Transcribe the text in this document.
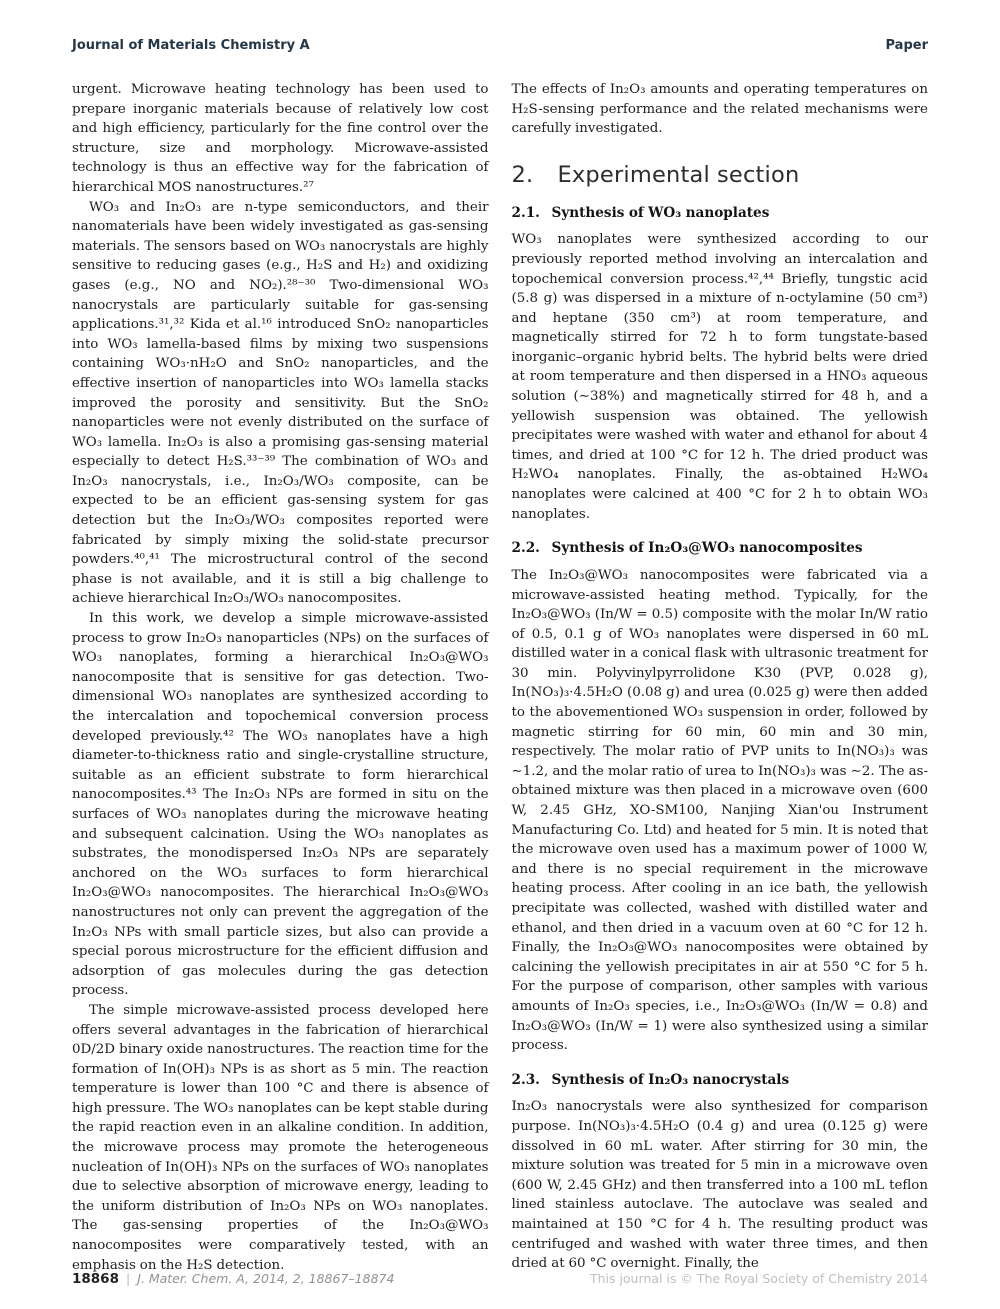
Journal of Materials Chemistry A	Paper

urgent. Microwave heating technology has been used to prepare inorganic materials because of relatively low cost and high efficiency, particularly for the fine control over the structure, size and morphology. Microwave-assisted technology is thus an effective way for the fabrication of hierarchical MOS nanostructures.²⁷

WO₃ and In₂O₃ are n-type semiconductors, and their nanomaterials have been widely investigated as gas-sensing materials. The sensors based on WO₃ nanocrystals are highly sensitive to reducing gases (e.g., H₂S and H₂) and oxidizing gases (e.g., NO and NO₂).²⁸⁻³⁰ Two-dimensional WO₃ nanocrystals are particularly suitable for gas-sensing applications.³¹,³² Kida et al.¹⁶ introduced SnO₂ nanoparticles into WO₃ lamella-based films by mixing two suspensions containing WO₃·nH₂O and SnO₂ nanoparticles, and the effective insertion of nanoparticles into WO₃ lamella stacks improved the porosity and sensitivity. But the SnO₂ nanoparticles were not evenly distributed on the surface of WO₃ lamella. In₂O₃ is also a promising gas-sensing material especially to detect H₂S.³³⁻³⁹ The combination of WO₃ and In₂O₃ nanocrystals, i.e., In₂O₃/WO₃ composite, can be expected to be an efficient gas-sensing system for gas detection but the In₂O₃/WO₃ composites reported were fabricated by simply mixing the solid-state precursor powders.⁴⁰,⁴¹ The microstructural control of the second phase is not available, and it is still a big challenge to achieve hierarchical In₂O₃/WO₃ nanocomposites.

In this work, we develop a simple microwave-assisted process to grow In₂O₃ nanoparticles (NPs) on the surfaces of WO₃ nanoplates, forming a hierarchical In₂O₃@WO₃ nanocomposite that is sensitive for gas detection. Two-dimensional WO₃ nanoplates are synthesized according to the intercalation and topochemical conversion process developed previously.⁴² The WO₃ nanoplates have a high diameter-to-thickness ratio and single-crystalline structure, suitable as an efficient substrate to form hierarchical nanocomposites.⁴³ The In₂O₃ NPs are formed in situ on the surfaces of WO₃ nanoplates during the microwave heating and subsequent calcination. Using the WO₃ nanoplates as substrates, the monodispersed In₂O₃ NPs are separately anchored on the WO₃ surfaces to form hierarchical In₂O₃@WO₃ nanocomposites. The hierarchical In₂O₃@WO₃ nanostructures not only can prevent the aggregation of the In₂O₃ NPs with small particle sizes, but also can provide a special porous microstructure for the efficient diffusion and adsorption of gas molecules during the gas detection process.

The simple microwave-assisted process developed here offers several advantages in the fabrication of hierarchical 0D/2D binary oxide nanostructures. The reaction time for the formation of In(OH)₃ NPs is as short as 5 min. The reaction temperature is lower than 100 °C and there is absence of high pressure. The WO₃ nanoplates can be kept stable during the rapid reaction even in an alkaline condition. In addition, the microwave process may promote the heterogeneous nucleation of In(OH)₃ NPs on the surfaces of WO₃ nanoplates due to selective absorption of microwave energy, leading to the uniform distribution of In₂O₃ NPs on WO₃ nanoplates. The gas-sensing properties of the In₂O₃@WO₃ nanocomposites were comparatively tested, with an emphasis on the H₂S detection.

The effects of In₂O₃ amounts and operating temperatures on H₂S-sensing performance and the related mechanisms were carefully investigated.

2.	Experimental section
2.1. Synthesis of WO₃ nanoplates

WO₃ nanoplates were synthesized according to our previously reported method involving an intercalation and topochemical conversion process.⁴²,⁴⁴ Briefly, tungstic acid (5.8 g) was dispersed in a mixture of n-octylamine (50 cm³) and heptane (350 cm³) at room temperature, and magnetically stirred for 72 h to form tungstate-based inorganic–organic hybrid belts. The hybrid belts were dried at room temperature and then dispersed in a HNO₃ aqueous solution (∼38%) and magnetically stirred for 48 h, and a yellowish suspension was obtained. The yellowish precipitates were washed with water and ethanol for about 4 times, and dried at 100 °C for 12 h. The dried product was H₂WO₄ nanoplates. Finally, the as-obtained H₂WO₄ nanoplates were calcined at 400 °C for 2 h to obtain WO₃ nanoplates.

2.2. Synthesis of In₂O₃@WO₃ nanocomposites

The In₂O₃@WO₃ nanocomposites were fabricated via a microwave-assisted heating method. Typically, for the In₂O₃@WO₃ (In/W = 0.5) composite with the molar In/W ratio of 0.5, 0.1 g of WO₃ nanoplates were dispersed in 60 mL distilled water in a conical flask with ultrasonic treatment for 30 min. Polyvinylpyrrolidone K30 (PVP, 0.028 g), In(NO₃)₃·4.5H₂O (0.08 g) and urea (0.025 g) were then added to the abovementioned WO₃ suspension in order, followed by magnetic stirring for 60 min, 60 min and 30 min, respectively. The molar ratio of PVP units to In(NO₃)₃ was ∼1.2, and the molar ratio of urea to In(NO₃)₃ was ∼2. The as-obtained mixture was then placed in a microwave oven (600 W, 2.45 GHz, XO-SM100, Nanjing Xian'ou Instrument Manufacturing Co. Ltd) and heated for 5 min. It is noted that the microwave oven used has a maximum power of 1000 W, and there is no special requirement in the microwave heating process. After cooling in an ice bath, the yellowish precipitate was collected, washed with distilled water and ethanol, and then dried in a vacuum oven at 60 °C for 12 h. Finally, the In₂O₃@WO₃ nanocomposites were obtained by calcining the yellowish precipitates in air at 550 °C for 5 h. For the purpose of comparison, other samples with various amounts of In₂O₃ species, i.e., In₂O₃@WO₃ (In/W = 0.8) and In₂O₃@WO₃ (In/W = 1) were also synthesized using a similar process.

2.3. Synthesis of In₂O₃ nanocrystals

In₂O₃ nanocrystals were also synthesized for comparison purpose. In(NO₃)₃·4.5H₂O (0.4 g) and urea (0.125 g) were dissolved in 60 mL water. After stirring for 30 min, the mixture solution was treated for 5 min in a microwave oven (600 W, 2.45 GHz) and then transferred into a 100 mL teflon lined stainless autoclave. The autoclave was sealed and maintained at 150 °C for 4 h. The resulting product was centrifuged and washed with water three times, and then dried at 60 °C overnight. Finally, the

18868 | J. Mater. Chem. A, 2014, 2, 18867–18874	This journal is © The Royal Society of Chemistry 2014
